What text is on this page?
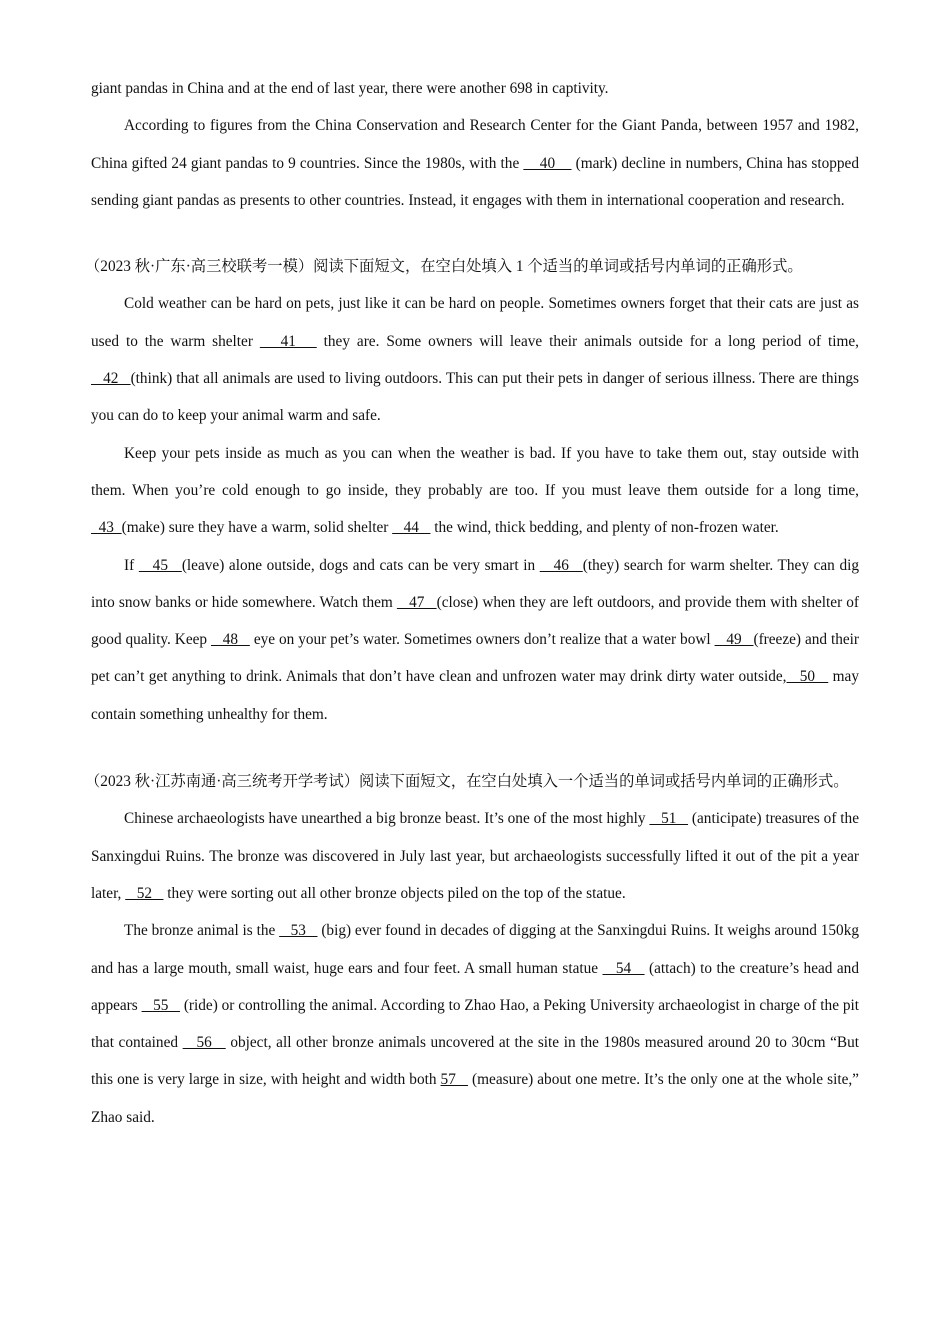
giant pandas in China and at the end of last year, there were another 698 in captivity.

According to figures from the China Conservation and Research Center for the Giant Panda, between 1957 and 1982, China gifted 24 giant pandas to 9 countries. Since the 1980s, with the     40     (mark) decline in numbers, China has stopped sending giant pandas as presents to other countries. Instead, it engages with them in international cooperation and research.

（2023 秋·广东·高三校联考一模）阅读下面短文，在空白处填入 1 个适当的单词或括号内单词的正确形式。

Cold weather can be hard on pets, just like it can be hard on people. Sometimes owners forget that their cats are just as used to the warm shelter    41    they are. Some owners will leave their animals outside for a long period of time,    42   (think) that all animals are used to living outdoors. This can put their pets in danger of serious illness. There are things you can do to keep your animal warm and safe.

Keep your pets inside as much as you can when the weather is bad. If you have to take them out, stay outside with them. When you’re cold enough to go inside, they probably are too. If you must leave them outside for a long time,   43  (make) sure they have a warm, solid shelter    44    the wind, thick bedding, and plenty of non-frozen water.

If    45   (leave) alone outside, dogs and cats can be very smart in    46   (they) search for warm shelter. They can dig into snow banks or hide somewhere. Watch them    47   (close) when they are left outdoors, and provide them with shelter of good quality. Keep    48    eye on your pet’s water. Sometimes owners don’t realize that a water bowl    49   (freeze) and their pet can’t get anything to drink. Animals that don’t have clean and unfrozen water may drink dirty water outside,   50    may contain something unhealthy for them.

（2023 秋·江苏南通·高三统考开学考试）阅读下面短文，在空白处填入一个适当的单词或括号内单词的正确形式。

Chinese archaeologists have unearthed a big bronze beast. It’s one of the most highly    51    (anticipate) treasures of the Sanxingdui Ruins. The bronze was discovered in July last year, but archaeologists successfully lifted it out of the pit a year later,    52    they were sorting out all other bronze objects piled on the top of the statue.

The bronze animal is the    53    (big) ever found in decades of digging at the Sanxingdui Ruins. It weighs around 150kg and has a large mouth, small waist, huge ears and four feet. A small human statue    54    (attach) to the creature’s head and appears    55    (ride) or controlling the animal. According to Zhao Hao, a Peking University archaeologist in charge of the pit that contained    56    object, all other bronze animals uncovered at the site in the 1980s measured around 20 to 30cm “But this one is very large in size, with height and width both 57    (measure) about one metre. It’s the only one at the whole site,” Zhao said.
